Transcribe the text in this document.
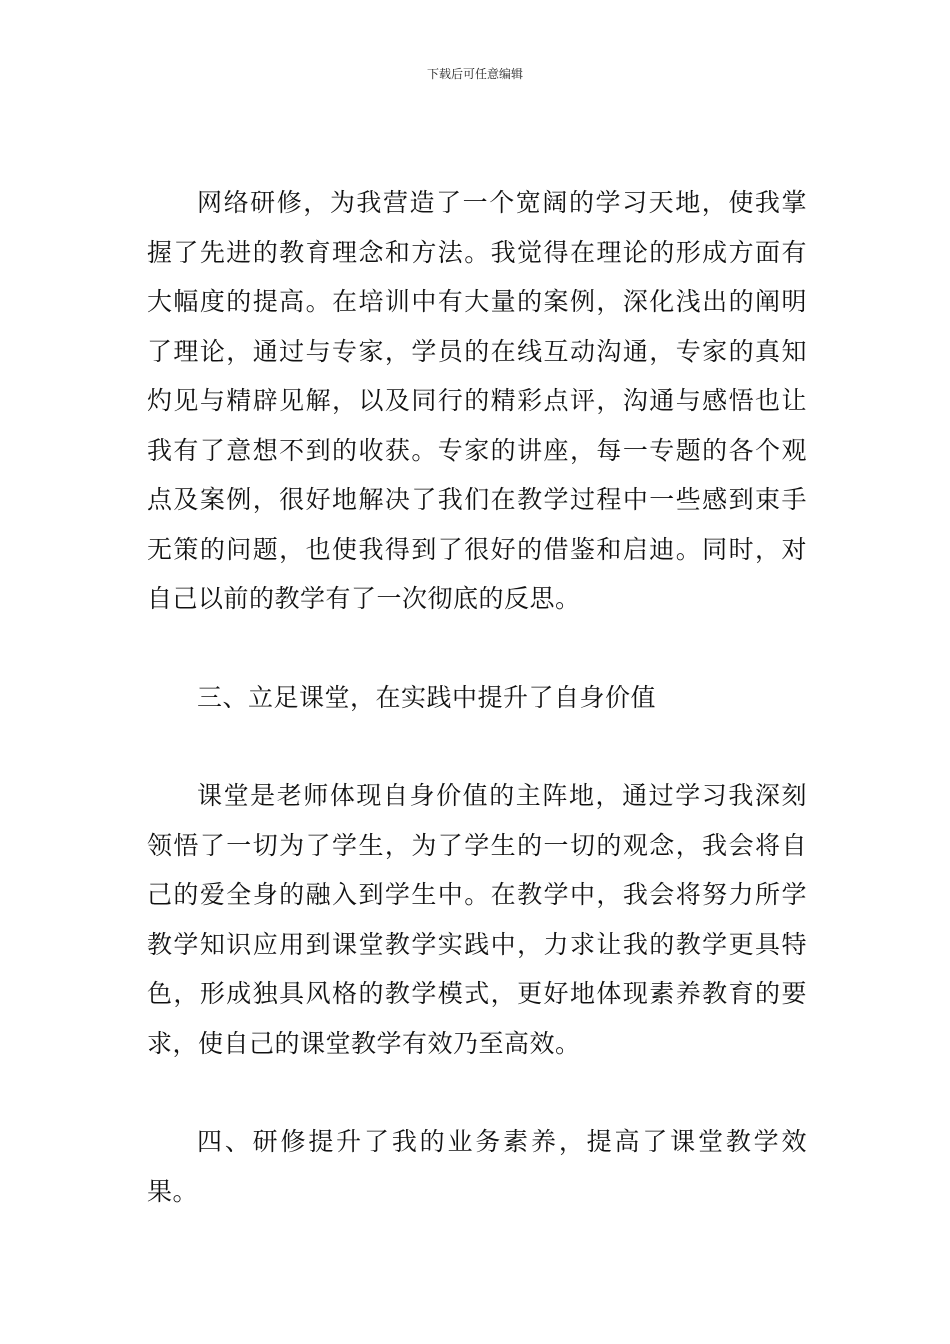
下载后可任意编辑

网络研修，为我营造了一个宽阔的学习天地，使我掌握了先进的教育理念和方法。我觉得在理论的形成方面有大幅度的提高。在培训中有大量的案例，深化浅出的阐明了理论，通过与专家，学员的在线互动沟通，专家的真知灼见与精辟见解，以及同行的精彩点评，沟通与感悟也让我有了意想不到的收获。专家的讲座，每一专题的各个观点及案例，很好地解决了我们在教学过程中一些感到束手无策的问题，也使我得到了很好的借鉴和启迪。同时，对自己以前的教学有了一次彻底的反思。

三、立足课堂，在实践中提升了自身价值

课堂是老师体现自身价值的主阵地，通过学习我深刻领悟了一切为了学生，为了学生的一切的观念，我会将自己的爱全身的融入到学生中。在教学中，我会将努力所学教学知识应用到课堂教学实践中，力求让我的教学更具特色，形成独具风格的教学模式，更好地体现素养教育的要求，使自己的课堂教学有效乃至高效。

四、研修提升了我的业务素养，提高了课堂教学效果。
